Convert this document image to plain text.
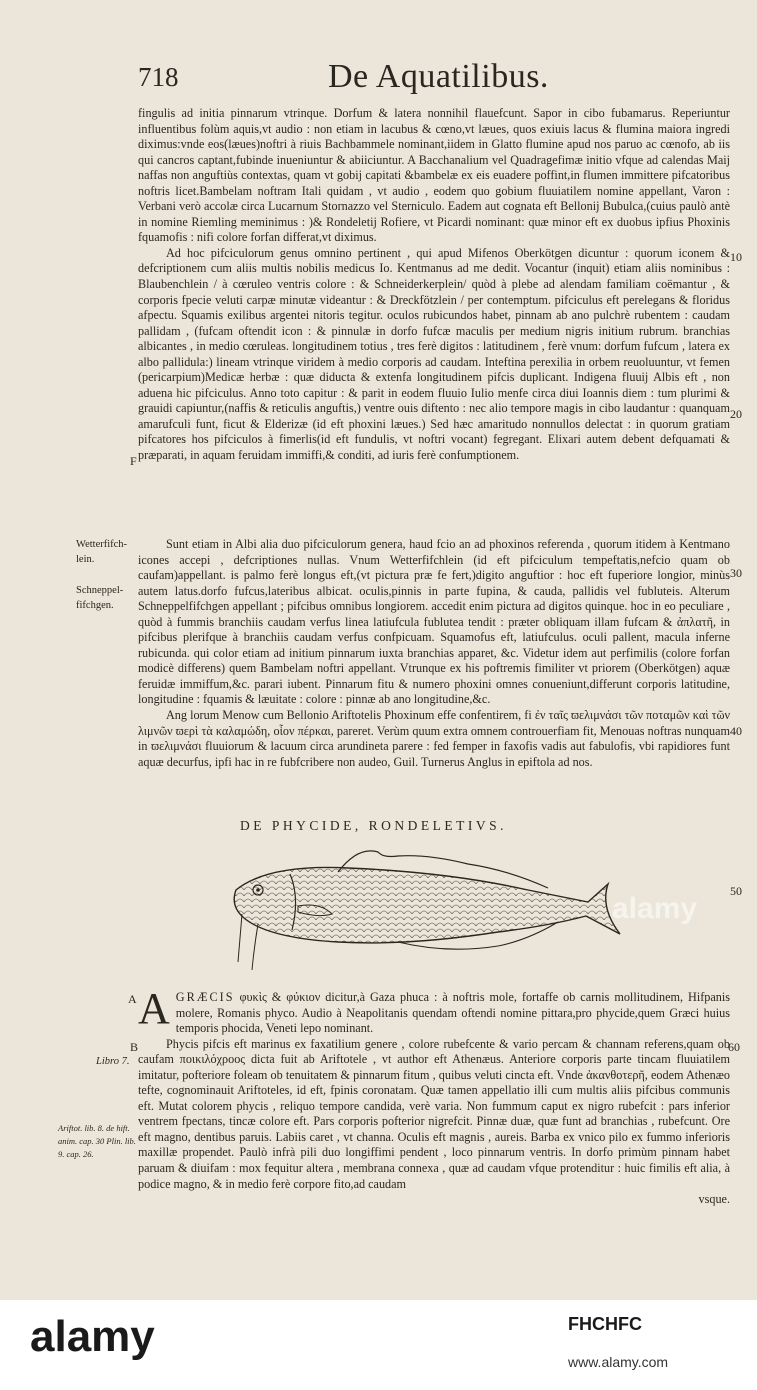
718	De Aquatilibus.

fingulis ad initia pinnarum vtrinque. Dorfum & latera nonnihil flauefcunt. Sapor in cibo fubamarus. Reperiuntur influentibus folùm aquis,vt audio : non etiam in lacubus & cœno,vt læues, quos exiuis lacus & flumina maiora ingredi diximus:vnde eos(læues)noftri à riuis Bachbammele nominant,iidem in Glatto flumine apud nos paruo ac cœnofo, ab iis qui cancros captant,fubinde inueniuntur & abiiciuntur. A Bacchanalium vel Quadragefimæ initio vfque ad calendas Maij naffas non anguftiùs contextas, quam vt gobij capitati &bambelæ ex eis euadere poffint,in flumen immittere pifcatoribus noftris licet.Bambelam noftram Itali quidam , vt audio , eodem quo gobium fluuiatilem nomine appellant, Varon : Verbani verò accolæ circa Lucarnum Stornazzo vel Sterniculo. Eadem aut cognata eft Bellonij Bubulca,(cuius paulò antè in nomine Riemling meminimus : )& Rondeletij Rofiere, vt Picardi nominant: quæ minor eft ex duobus ipfius Phoxinis fquamofis : nifi colore forfan differat,vt diximus.

Ad hoc pifciculorum genus omnino pertinent , qui apud Mifenos Oberkötgen dicuntur : quorum iconem & defcriptionem cum aliis multis nobilis medicus Io. Kentmanus ad me dedit. Vocantur (inquit) etiam aliis nominibus : Blaubenchlein / à cœruleo ventris colore : & Schneiderkerplein/ quòd à plebe ad alendam familiam coëmantur , & corporis fpecie veluti carpæ minutæ videantur : & Dreckfötzlein / per contemptum. pifciculus eft perelegans & floridus afpectu. Squamis exilibus argentei nitoris tegitur. oculos rubicundos habet, pinnam ab ano pulchrè rubentem : caudam pallidam , (fufcam oftendit icon : & pinnulæ in dorfo fufcæ maculis per medium nigris initium rubrum. branchias albicantes , in medio cœruleas. longitudinem totius , tres ferè digitos : latitudinem , ferè vnum: dorfum fufcum , latera ex albo pallidula:) lineam vtrinque viridem à medio corporis ad caudam. Inteftina perexilia in orbem reuoluuntur, vt femen (pericarpium)Medicæ herbæ : quæ diducta & extenfa longitudinem pifcis duplicant. Indigena fluuij Albis eft , non aduena hic pifciculus. Anno toto capitur : & parit in eodem fluuio Iulio menfe circa diui Ioannis diem : tum plurimi & grauidi capiuntur,(naffis & reticulis anguftis,) ventre ouis diftento : nec alio tempore magis in cibo laudantur : quanquam amarufculi funt, ficut & Elderizæ (id eft phoxini læues.) Sed hæc amaritudo nonnullos delectat : in quorum gratiam pifcatores hos pifciculos à fimerlis(id eft fundulis, vt noftri vocant) fegregant. Elixari autem debent defquamati & præparati, in aquam feruidam immiffi,& conditi, ad iuris ferè confumptionem.

Sunt etiam in Albi alia duo pifciculorum genera, haud fcio an ad phoxinos referenda , quorum itidem à Kentmano icones accepi , defcriptiones nullas. Vnum Wetterfifchlein (id eft pifciculum tempeftatis,nefcio quam ob caufam)appellant. is palmo ferè longus eft,(vt pictura præ fe fert,)digito anguftior : hoc eft fuperiore longior, minùs autem latus.dorfo fufcus,lateribus albicat. oculis,pinnis in parte fupina, & cauda, pallidis vel fubluteis. Alterum Schneppelfifchgen appellant ; pifcibus omnibus longiorem. accedit enim pictura ad digitos quinque. hoc in eo peculiare , quòd à fummis branchiis caudam verfus linea latiufcula fublutea tendit : præter obliquam illam fufcam & ἀπλατῆ, in pifcibus plerifque à branchiis caudam verfus confpicuam. Squamofus eft, latiufculus. oculi pallent, macula inferne rubicunda. qui color etiam ad initium pinnarum iuxta branchias apparet, &c. Videtur idem aut perfimilis (colore forfan modicè differens) quem Bambelam noftri appellant. Vtrunque ex his poftremis fimiliter vt priorem (Oberkötgen) aquæ feruidæ immiffum,&c. parari iubent. Pinnarum fitu & numero phoxini omnes conueniunt,differunt corporis latitudine, longitudine : fquamis & læuitate : colore : pinnæ ab ano longitudine,&c.

Ang lorum Menow cum Bellonio Ariftotelis Phoxinum effe confentirem, fi ἐν ταῖς ϖελιμνάσι τῶν ποταμῶν καὶ τῶν λιμνῶν ϖερὶ τὰ καλαμώδη, οἷον πέρκαι, pareret. Verùm quum extra omnem controuerfiam fit, Menouas noftras nunquam in ϖελιμνάσι fluuiorum & lacuum circa arundineta parere : fed femper in faxofis vadis aut fabulofis, vbi rapidiores funt aquæ decurfus, ipfi hac in re fubfcribere non audeo, Guil. Turnerus Anglus in epiftola ad nos.

DE PHYCIDE, RONDELETIVS.

A GRÆCIS φυκὶς & φύκιον dicitur,à Gaza phuca : à noftris mole, fortaffe ob carnis mollitudinem, Hifpanis molere, Romanis phyco. Audio à Neapolitanis quendam oftendi nomine pittara,pro phycide,quem Græci huius temporis phocida, Veneti lepo nominant.

Phycis pifcis eft marinus ex faxatilium genere , colore rubefcente & vario percam & channam referens,quam ob caufam ποικιλόχροος dicta fuit ab Ariftotele , vt author eft Athenæus. Anteriore corporis parte tincam fluuiatilem imitatur, pofteriore foleam ob tenuitatem & pinnarum fitum , quibus veluti cincta eft. Vnde ἀκανθοτερῆ, eodem Athenæo tefte, cognominauit Ariftoteles, id eft, fpinis coronatam. Quæ tamen appellatio illi cum multis aliis pifcibus communis eft. Mutat colorem phycis , reliquo tempore candida, verè varia. Non fummum caput ex nigro rubefcit : pars inferior ventrem fpectans, tincæ colore eft. Pars corporis pofterior nigrefcit. Pinnæ duæ, quæ funt ad branchias , rubefcunt. Ore eft magno, dentibus paruis. Labiis caret , vt channa. Oculis eft magnis , aureis. Barba ex vnico pilo ex fummo inferioris maxillæ propendet. Paulò infrà pili duo longiffimi pendent , loco pinnarum ventris. In dorfo primùm pinnam habet paruam & diuifam : mox fequitur altera , membrana connexa , quæ ad caudam vfque protenditur : huic fimilis eft alia, à podice magno, & in medio ferè corpore fito,ad caudam

vsque.

Wetterfifch-lein.
Schneppel-fifchgen.
F
A
B
Libro 7.
Ariftot. lib. 8. de hift. anim. cap. 30 Plin. lib. 9. cap. 26.
10
20
30
40
50
60
alamy
alamy	FHCHFC
www.alamy.com
